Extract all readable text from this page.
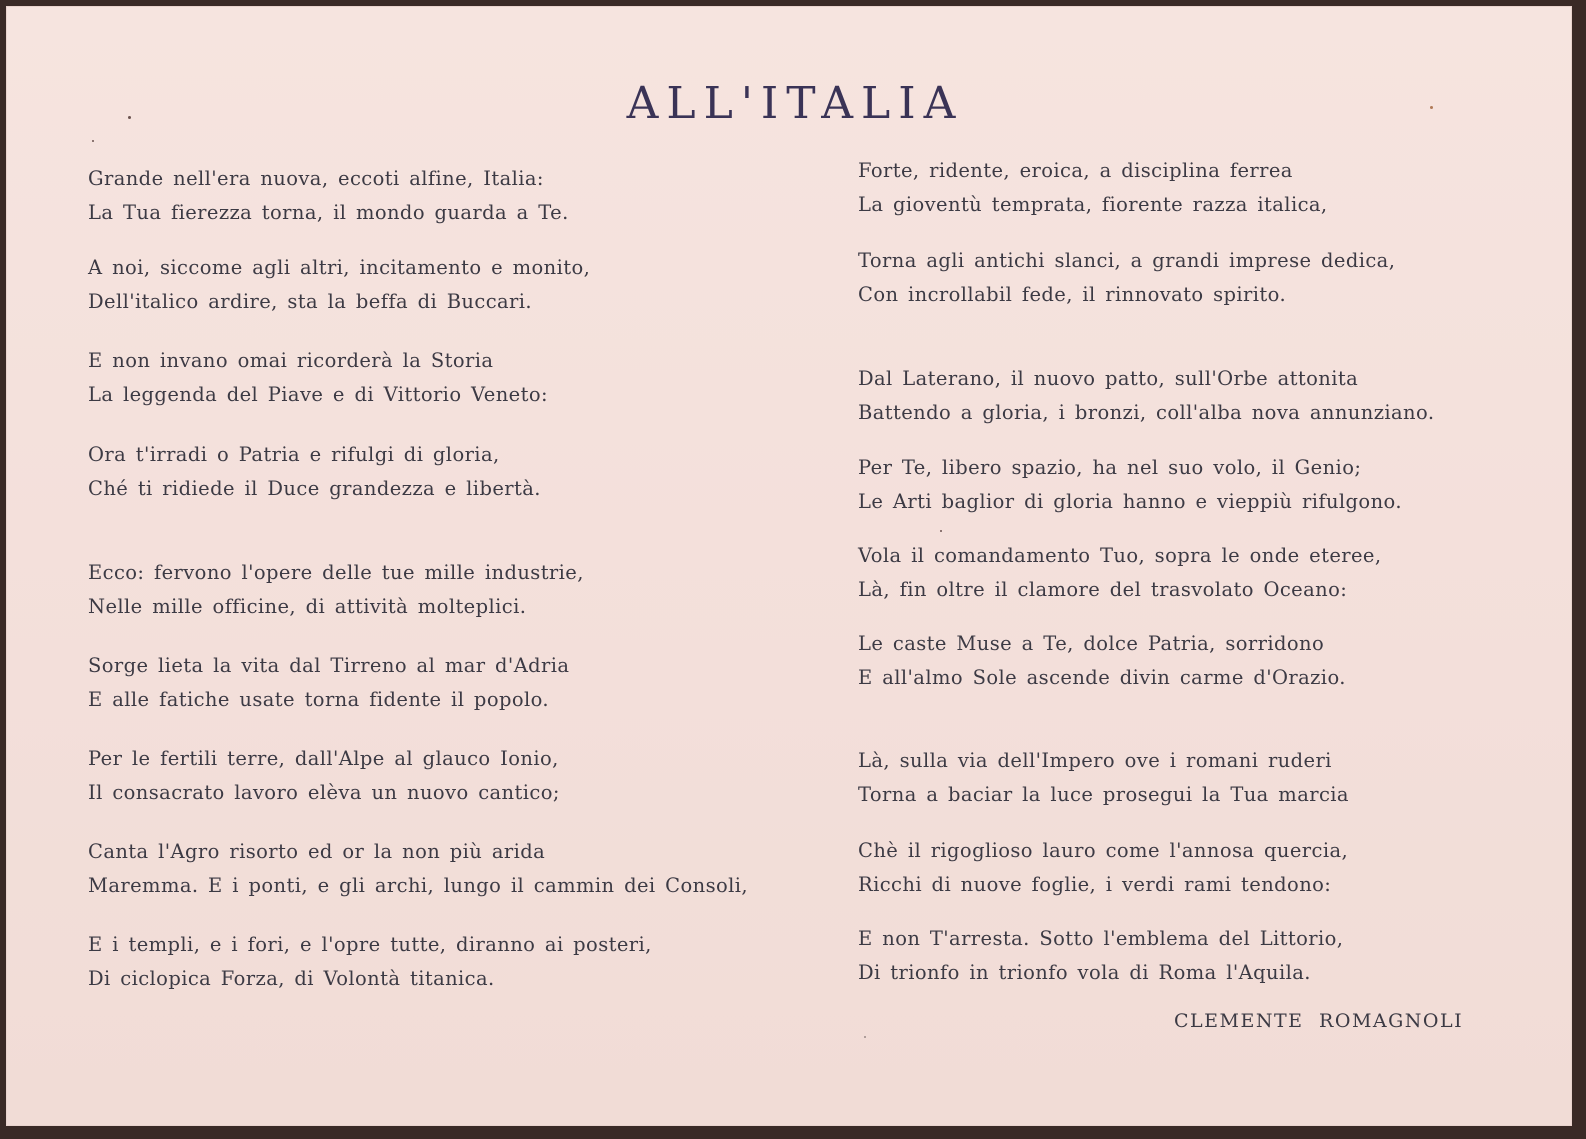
ALL'ITALIA
Grande nell'era nuova, eccoti alfine, Italia:
La Tua fierezza torna, il mondo guarda a Te.
A noi, siccome agli altri, incitamento e monito,
Dell'italico ardire, sta la beffa di Buccari.
E non invano omai ricorderà la Storia
La leggenda del Piave e di Vittorio Veneto:
Ora t'irradi o Patria e rifulgi di gloria,
Ché ti ridiede il Duce grandezza e libertà.
Ecco: fervono l'opere delle tue mille industrie,
Nelle mille officine, di attività molteplici.
Sorge lieta la vita dal Tirreno al mar d'Adria
E alle fatiche usate torna fidente il popolo.
Per le fertili terre, dall'Alpe al glauco Ionio,
Il consacrato lavoro elèva un nuovo cantico;
Canta l'Agro risorto ed or la non più arida
Maremma. E i ponti, e gli archi, lungo il cammin dei Consoli,
E i templi, e i fori, e l'opre tutte, diranno ai posteri,
Di ciclopica Forza, di Volontà titanica.
Forte, ridente, eroica, a disciplina ferrea
La gioventù temprata, fiorente razza italica,
Torna agli antichi slanci, a grandi imprese dedica,
Con incrollabil fede, il rinnovato spirito.
Dal Laterano, il nuovo patto, sull'Orbe attonita
Battendo a gloria, i bronzi, coll'alba nova annunziano.
Per Te, libero spazio, ha nel suo volo, il Genio;
Le Arti baglior di gloria hanno e vieppiù rifulgono.
Vola il comandamento Tuo, sopra le onde eteree,
Là, fin oltre il clamore del trasvolato Oceano:
Le caste Muse a Te, dolce Patria, sorridono
E all'almo Sole ascende divin carme d'Orazio.
Là, sulla via dell'Impero ove i romani ruderi
Torna a baciar la luce prosegui la Tua marcia
Chè il rigoglioso lauro come l'annosa quercia,
Ricchi di nuove foglie, i verdi rami tendono:
E non T'arresta. Sotto l'emblema del Littorio,
Di trionfo in trionfo vola di Roma l'Aquila.
CLEMENTE ROMAGNOLI
